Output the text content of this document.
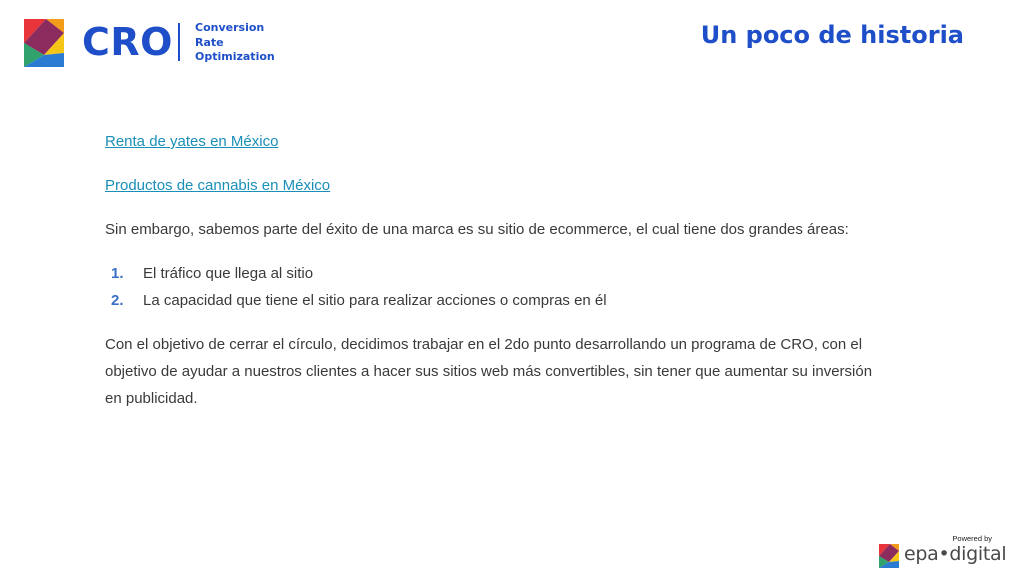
CRO Conversion
Rate
Optimization
Un poco de historia

Renta de yates en México

Productos de cannabis en México

Sin embargo, sabemos parte del éxito de una marca es su sitio de ecommerce, el cual tiene dos grandes áreas:

1. El tráfico que llega al sitio
2. La capacidad que tiene el sitio para realizar acciones o compras en él
Con el objetivo de cerrar el círculo, decidimos trabajar en el 2do punto desarrollando un programa de CRO, con el
objetivo de ayudar a nuestros clientes a hacer sus sitios web más convertibles, sin tener que aumentar su inversión
en publicidad.
Powered by
epa•digital
